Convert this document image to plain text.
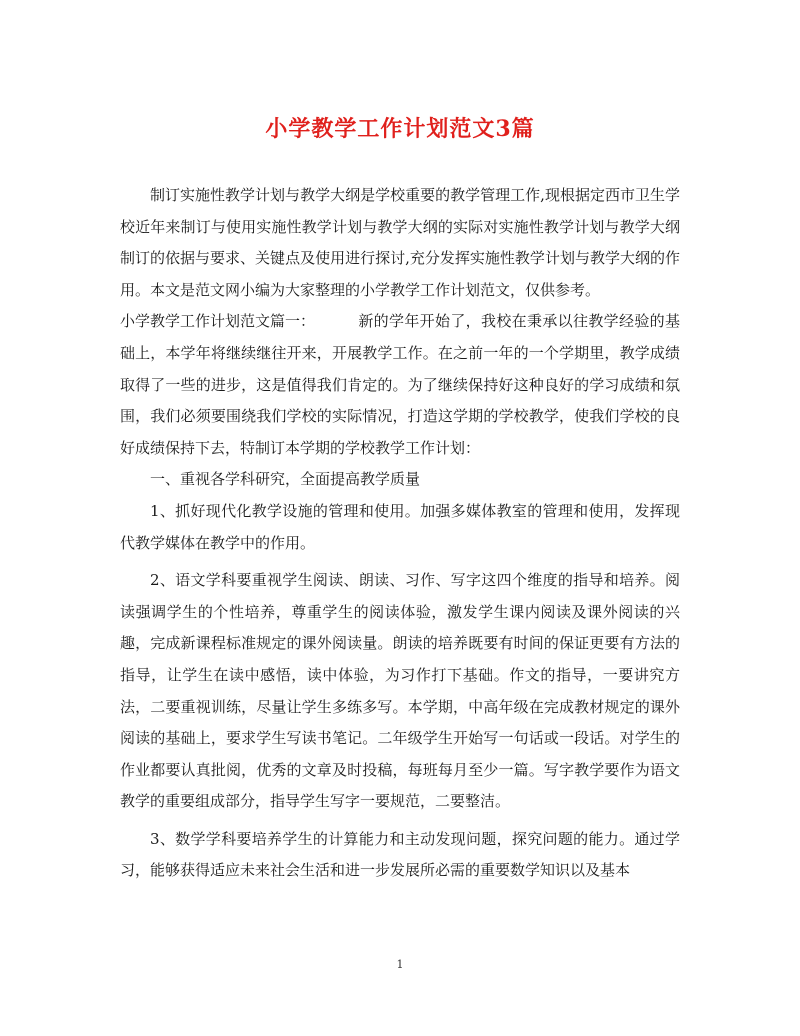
小学教学工作计划范文3篇

制订实施性教学计划与教学大纲是学校重要的教学管理工作,现根据定西市卫生学校近年来制订与使用实施性教学计划与教学大纲的实际对实施性教学计划与教学大纲制订的依据与要求、关键点及使用进行探讨,充分发挥实施性教学计划与教学大纲的作用。本文是范文网小编为大家整理的小学教学工作计划范文，仅供参考。

小学教学工作计划范文篇一：	新的学年开始了，我校在秉承以往教学经验的基础上，本学年将继续继往开来，开展教学工作。在之前一年的一个学期里，教学成绩取得了一些的进步，这是值得我们肯定的。为了继续保持好这种良好的学习成绩和氛围，我们必须要围绕我们学校的实际情况，打造这学期的学校教学，使我们学校的良好成绩保持下去，特制订本学期的学校教学工作计划：

一、重视各学科研究，全面提高教学质量

1、抓好现代化教学设施的管理和使用。加强多媒体教室的管理和使用，发挥现代教学媒体在教学中的作用。

2、语文学科要重视学生阅读、朗读、习作、写字这四个维度的指导和培养。阅读强调学生的个性培养，尊重学生的阅读体验，激发学生课内阅读及课外阅读的兴趣，完成新课程标准规定的课外阅读量。朗读的培养既要有时间的保证更要有方法的指导，让学生在读中感悟，读中体验，为习作打下基础。作文的指导，一要讲究方法，二要重视训练，尽量让学生多练多写。本学期，中高年级在完成教材规定的课外阅读的基础上，要求学生写读书笔记。二年级学生开始写一句话或一段话。对学生的作业都要认真批阅，优秀的文章及时投稿，每班每月至少一篇。写字教学要作为语文教学的重要组成部分，指导学生写字一要规范，二要整洁。

3、数学学科要培养学生的计算能力和主动发现问题，探究问题的能力。通过学习，能够获得适应未来社会生活和进一步发展所必需的重要数学知识以及基本

1
